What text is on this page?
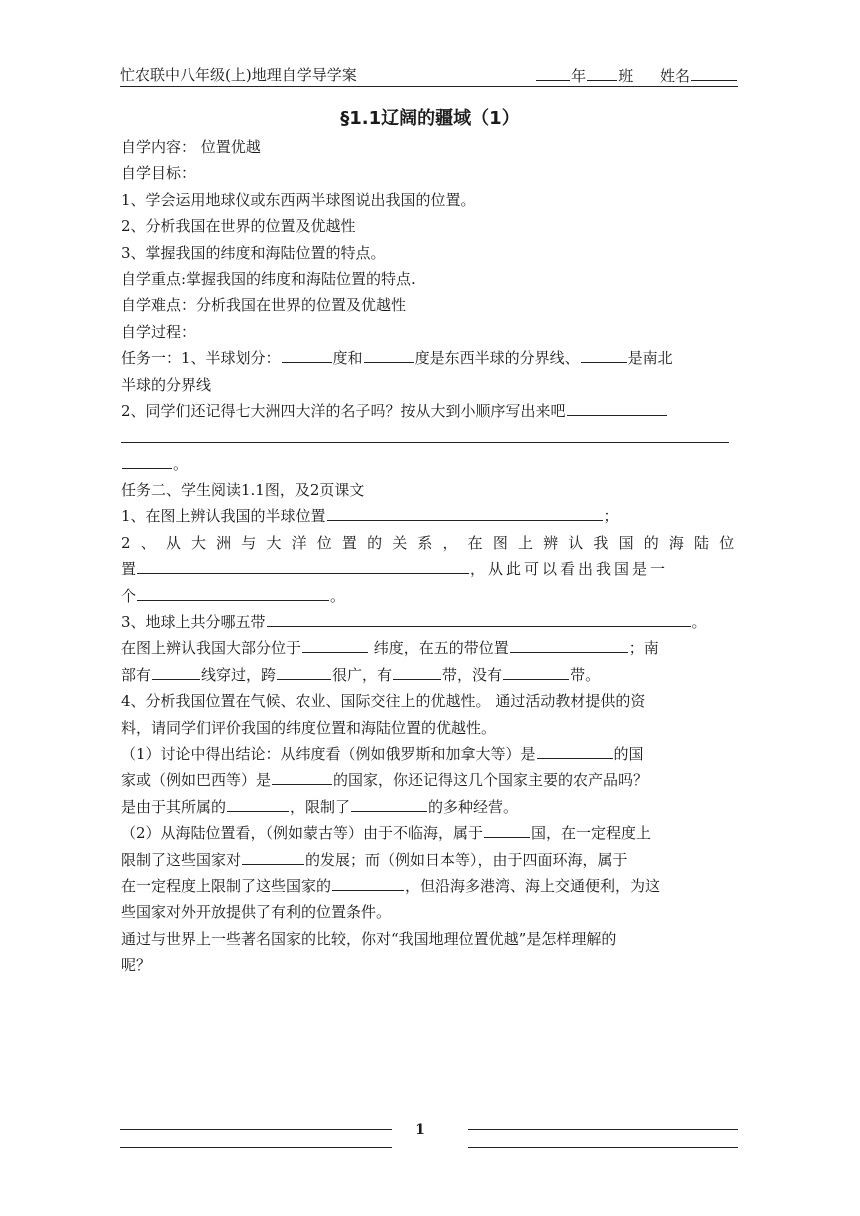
忙农联中八年级(上)地理自学导学案	年 班 姓名
§1.1辽阔的疆域（1）
自学内容： 位置优越
自学目标：
1、学会运用地球仪或东西两半球图说出我国的位置。
2、分析我国在世界的位置及优越性
3、掌握我国的纬度和海陆位置的特点。
自学重点:掌握我国的纬度和海陆位置的特点.
自学难点：分析我国在世界的位置及优越性
自学过程：
任务一：1、半球划分：	度和	度是东西半球的分界线、	是南北
半球的分界线
2、同学们还记得七大洲四大洋的名子吗？按从大到小顺序写出来吧
。
任务二、学生阅读1.1图，及2页课文
1、在图上辨认我国的半球位置	；
2、从大洲与大洋位置的关系，在图上辨认我国的海陆位
置	，从此可以看出我国是一
个	。
3、地球上共分哪五带	。
在图上辨认我国大部分位于	纬度，在五的带位置	；南
部有	线穿过，跨	很广，有	带，没有	带。
4、分析我国位置在气候、农业、国际交往上的优越性。 通过活动教材提供的资
料，请同学们评价我国的纬度位置和海陆位置的优越性。
（1）讨论中得出结论：从纬度看（例如俄罗斯和加拿大等）是	的国
家或（例如巴西等）是	的国家，你还记得这几个国家主要的农产品吗？
是由于其所属的	，限制了	的多种经营。
（2）从海陆位置看，（例如蒙古等）由于不临海，属于	国，在一定程度上
限制了这些国家对	的发展；而（例如日本等），由于四面环海，属于
在一定程度上限制了这些国家的	，但沿海多港湾、海上交通便利，为这
些国家对外开放提供了有利的位置条件。
通过与世界上一些著名国家的比较，你对“我国地理位置优越”是怎样理解的
呢？
1
